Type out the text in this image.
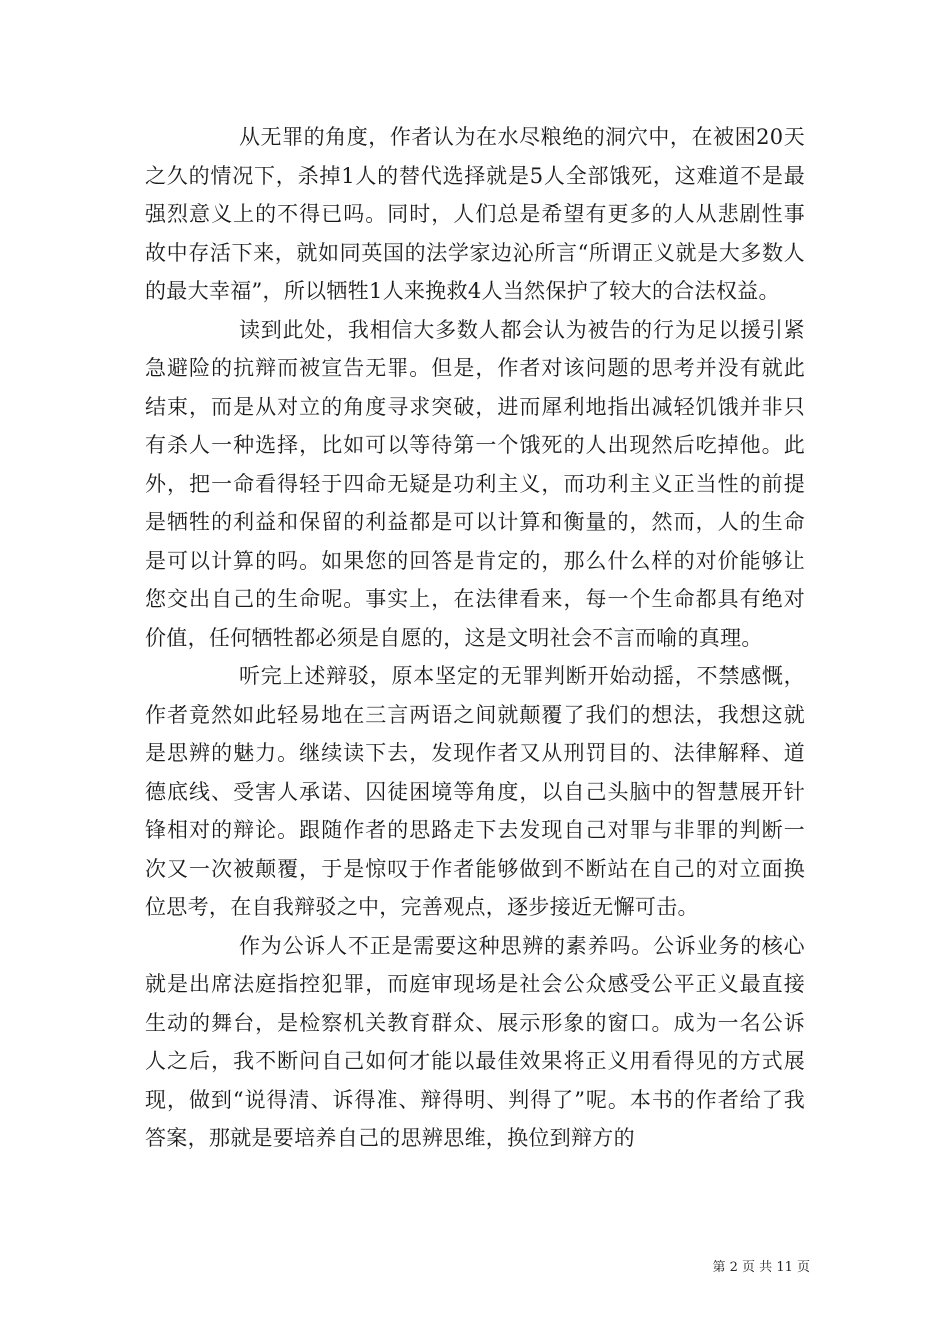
从无罪的角度，作者认为在水尽粮绝的洞穴中，在被困20天之久的情况下，杀掉1人的替代选择就是5人全部饿死，这难道不是最强烈意义上的不得已吗。同时，人们总是希望有更多的人从悲剧性事故中存活下来，就如同英国的法学家边沁所言“所谓正义就是大多数人的最大幸福”，所以牺牲1人来挽救4人当然保护了较大的合法权益。

读到此处，我相信大多数人都会认为被告的行为足以援引紧急避险的抗辩而被宣告无罪。但是，作者对该问题的思考并没有就此结束，而是从对立的角度寻求突破，进而犀利地指出减轻饥饿并非只有杀人一种选择，比如可以等待第一个饿死的人出现然后吃掉他。此外，把一命看得轻于四命无疑是功利主义，而功利主义正当性的前提是牺牲的利益和保留的利益都是可以计算和衡量的，然而，人的生命是可以计算的吗。如果您的回答是肯定的，那么什么样的对价能够让您交出自己的生命呢。事实上，在法律看来，每一个生命都具有绝对价值，任何牺牲都必须是自愿的，这是文明社会不言而喻的真理。

听完上述辩驳，原本坚定的无罪判断开始动摇，不禁感慨，作者竟然如此轻易地在三言两语之间就颠覆了我们的想法，我想这就是思辨的魅力。继续读下去，发现作者又从刑罚目的、法律解释、道德底线、受害人承诺、囚徒困境等角度，以自己头脑中的智慧展开针锋相对的辩论。跟随作者的思路走下去发现自己对罪与非罪的判断一次又一次被颠覆，于是惊叹于作者能够做到不断站在自己的对立面换位思考，在自我辩驳之中，完善观点，逐步接近无懈可击。

作为公诉人不正是需要这种思辨的素养吗。公诉业务的核心就是出席法庭指控犯罪，而庭审现场是社会公众感受公平正义最直接生动的舞台，是检察机关教育群众、展示形象的窗口。成为一名公诉人之后，我不断问自己如何才能以最佳效果将正义用看得见的方式展现，做到“说得清、诉得准、辩得明、判得了”呢。本书的作者给了我答案，那就是要培养自己的思辨思维，换位到辩方的

第 2 页 共 11 页
